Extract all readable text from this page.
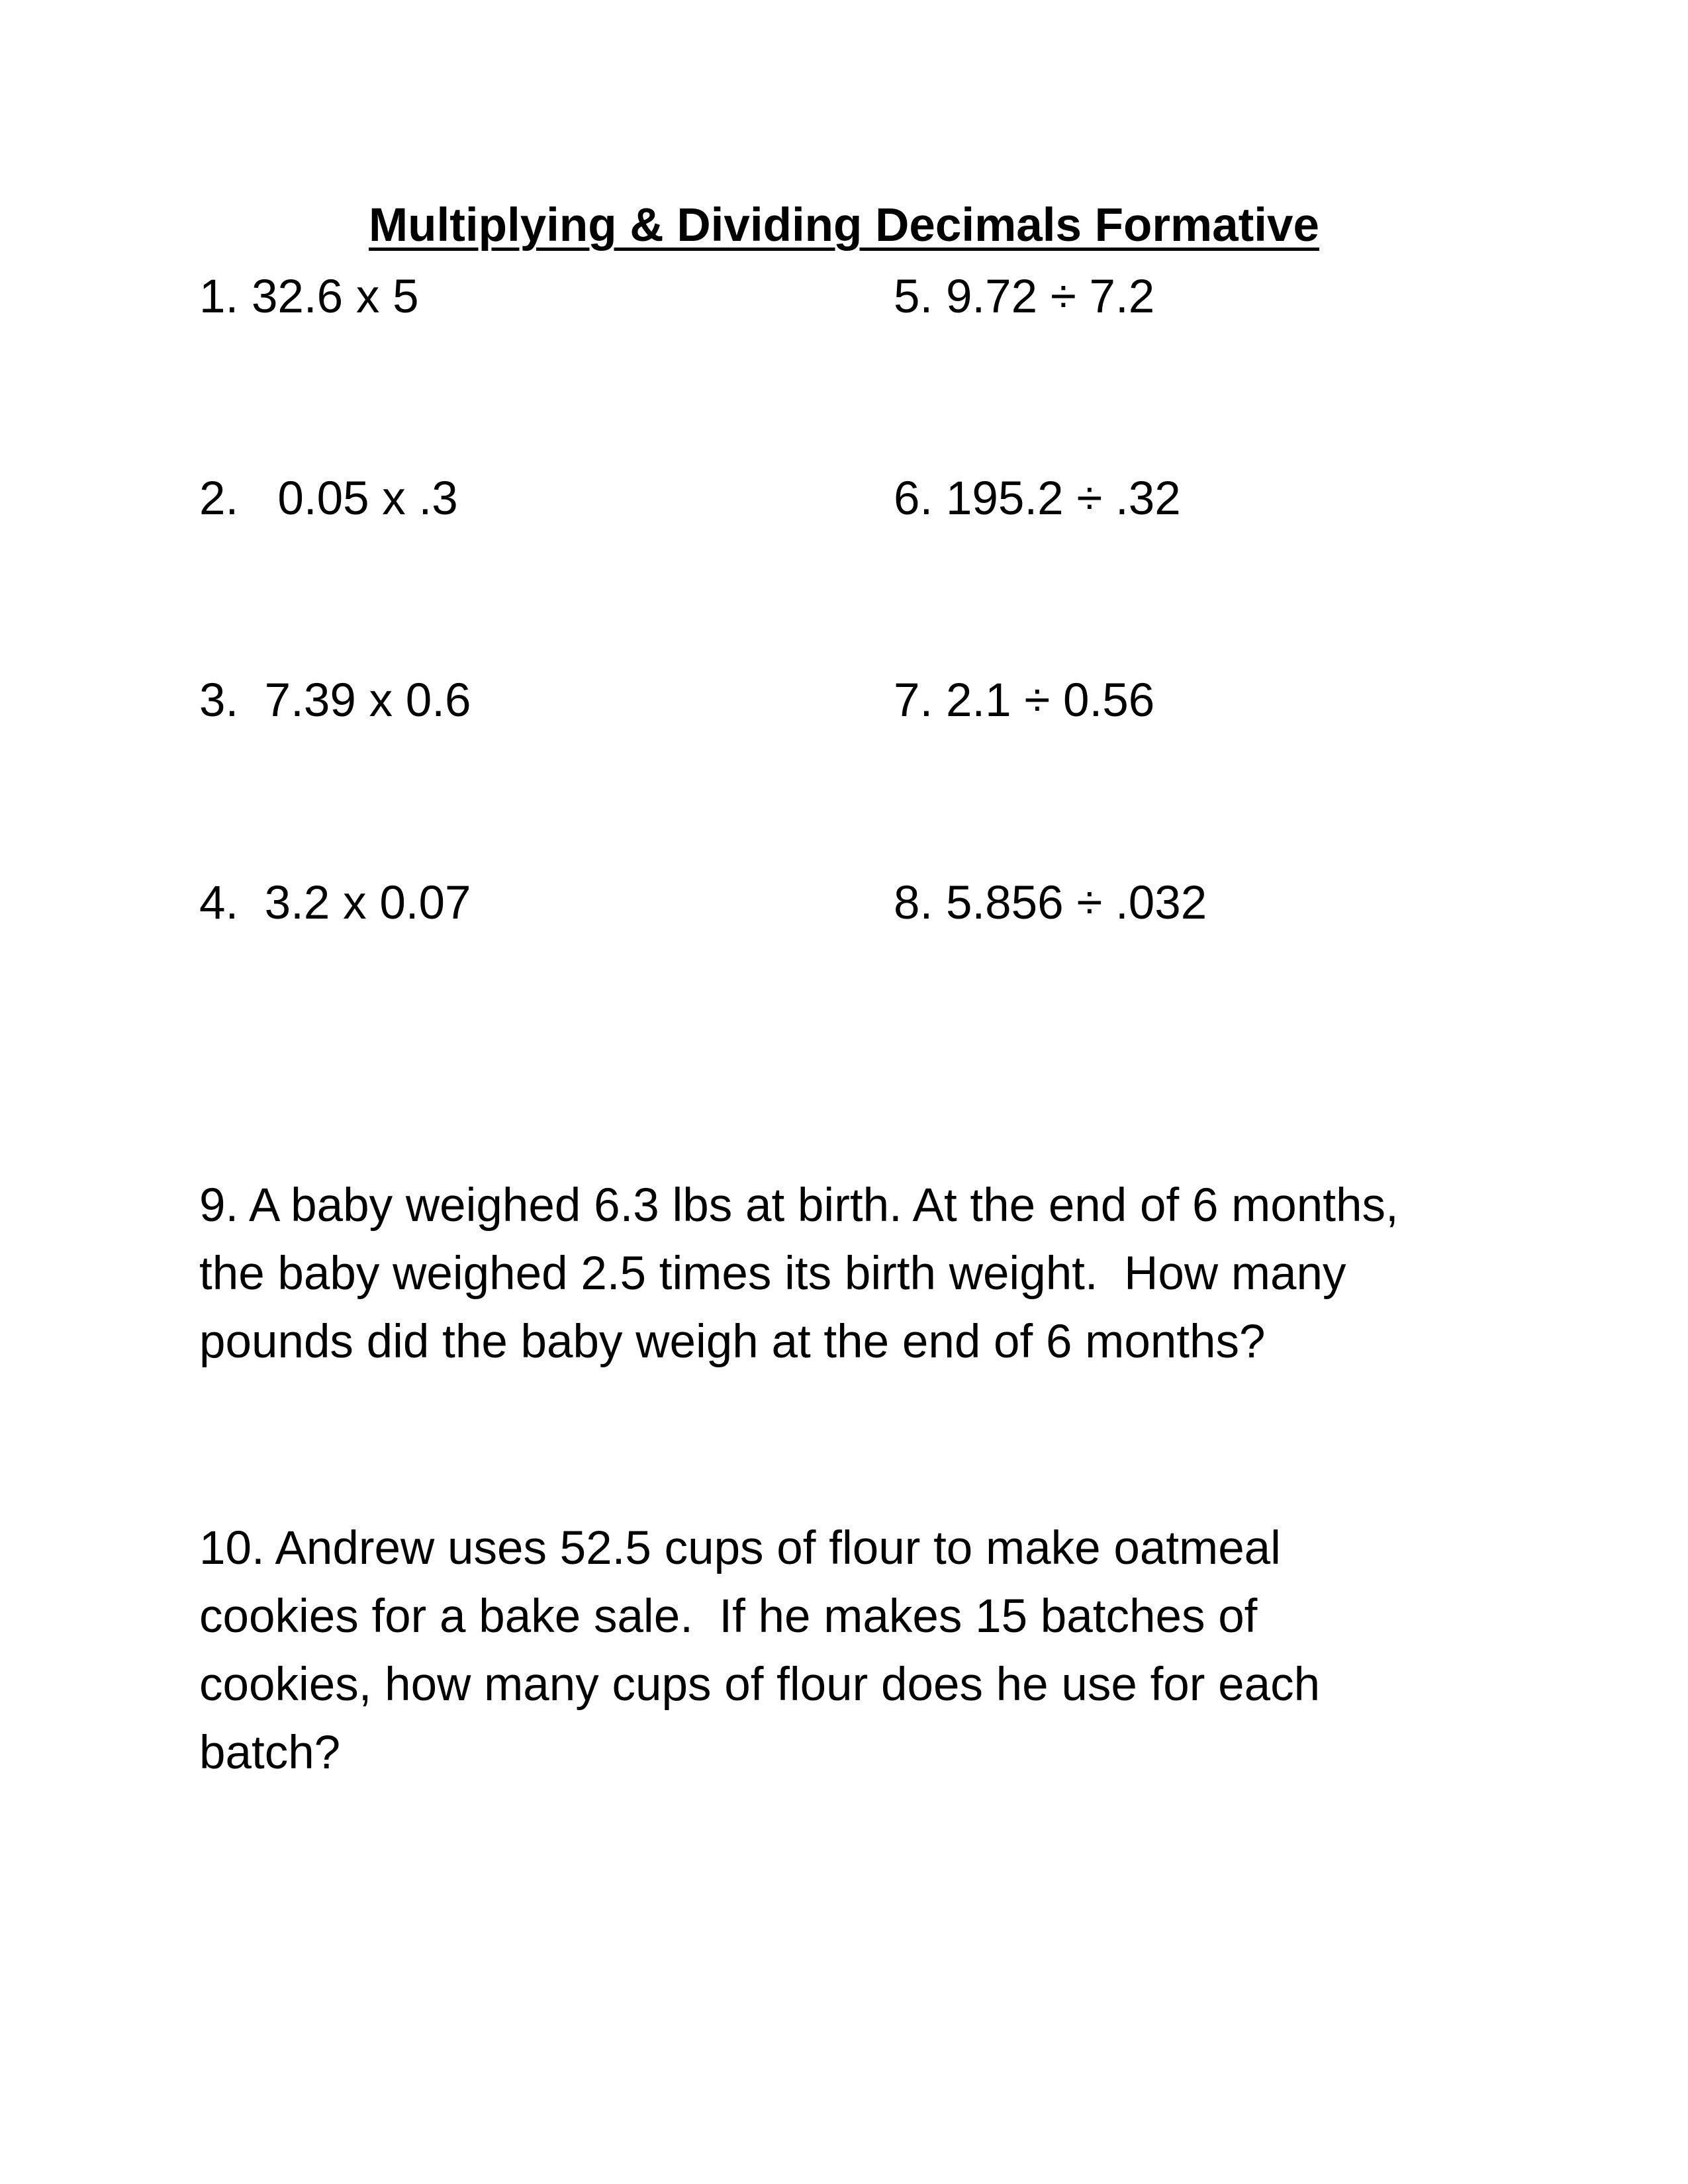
Multiplying & Dividing Decimals Formative
1. 32.6 x 5
2.   0.05 x .3
3.  7.39 x 0.6
4.  3.2 x 0.07
5. 9.72 ÷ 7.2
6. 195.2 ÷ .32
7. 2.1 ÷ 0.56
8. 5.856 ÷ .032
9. A baby weighed 6.3 lbs at birth. At the end of 6 months,
the baby weighed 2.5 times its birth weight.  How many
pounds did the baby weigh at the end of 6 months?
10. Andrew uses 52.5 cups of flour to make oatmeal
cookies for a bake sale.  If he makes 15 batches of
cookies, how many cups of flour does he use for each
batch?
